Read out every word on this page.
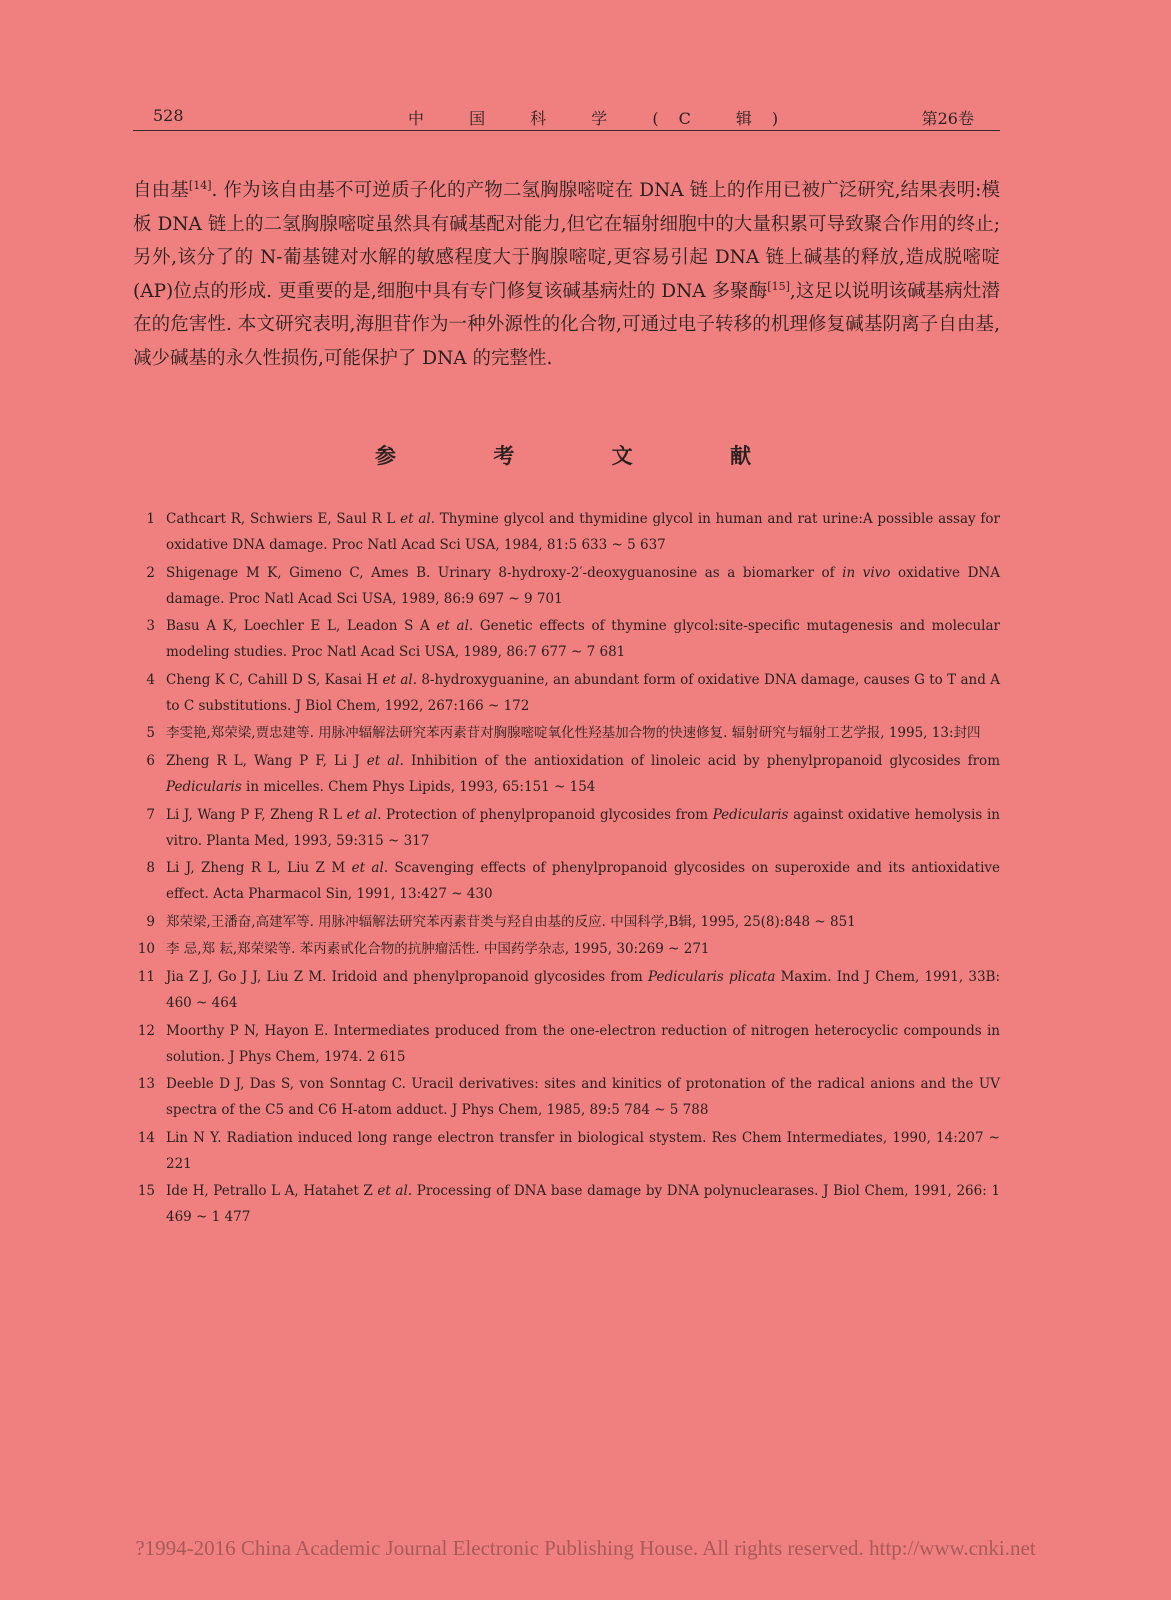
528	中 国 科 学 (C 辑)	第26卷
自由基[14]. 作为该自由基不可逆质子化的产物二氢胸腺嘧啶在 DNA 链上的作用已被广泛研究,结果表明:模板 DNA 链上的二氢胸腺嘧啶虽然具有碱基配对能力,但它在辐射细胞中的大量积累可导致聚合作用的终止;另外,该分了的 N-葡基键对水解的敏感程度大于胸腺嘧啶,更容易引起 DNA 链上碱基的释放,造成脱嘧啶(AP)位点的形成. 更重要的是,细胞中具有专门修复该碱基病灶的 DNA 多聚酶[15],这足以说明该碱基病灶潜在的危害性. 本文研究表明,海胆苷作为一种外源性的化合物,可通过电子转移的机理修复碱基阴离子自由基,减少碱基的永久性损伤,可能保护了 DNA 的完整性.
参 考 文 献
1 Cathcart R, Schwiers E, Saul R L et al. Thymine glycol and thymidine glycol in human and rat urine:A possible assay for oxidative DNA damage. Proc Natl Acad Sci USA, 1984, 81:5 633 ~ 5 637
2 Shigenage M K, Gimeno C, Ames B. Urinary 8-hydroxy-2′-deoxyguanosine as a biomarker of in vivo oxidative DNA damage. Proc Natl Acad Sci USA, 1989, 86:9 697 ~ 9 701
3 Basu A K, Loechler E L, Leadon S A et al. Genetic effects of thymine glycol:site-specific mutagenesis and molecular modeling studies. Proc Natl Acad Sci USA, 1989, 86:7 677 ~ 7 681
4 Cheng K C, Cahill D S, Kasai H et al. 8-hydroxyguanine, an abundant form of oxidative DNA damage, causes G to T and A to C substitutions. J Biol Chem, 1992, 267:166 ~ 172
5 李雯艳,郑荣梁,贾忠建等. 用脉冲辐解法研究苯丙素苷对胸腺嘧啶氧化性羟基加合物的快速修复. 辐射研究与辐射工艺学报, 1995, 13:封四
6 Zheng R L, Wang P F, Li J et al. Inhibition of the antioxidation of linoleic acid by phenylpropanoid glycosides from Pedicularis in micelles. Chem Phys Lipids, 1993, 65:151 ~ 154
7 Li J, Wang P F, Zheng R L et al. Protection of phenylpropanoid glycosides from Pedicularis against oxidative hemolysis in vitro. Planta Med, 1993, 59:315 ~ 317
8 Li J, Zheng R L, Liu Z M et al. Scavenging effects of phenylpropanoid glycosides on superoxide and its antioxidative effect. Acta Pharmacol Sin, 1991, 13:427 ~ 430
9 郑荣梁,王潘奋,高建军等. 用脉冲辐解法研究苯丙素苷类与羟自由基的反应. 中国科学,B辑, 1995, 25(8):848 ~ 851
10 李 忌,郑 耘,郑荣梁等. 苯丙素甙化合物的抗肿瘤活性. 中国药学杂志, 1995, 30:269 ~ 271
11 Jia Z J, Go J J, Liu Z M. Iridoid and phenylpropanoid glycosides from Pedicularis plicata Maxim. Ind J Chem, 1991, 33B: 460 ~ 464
12 Moorthy P N, Hayon E. Intermediates produced from the one-electron reduction of nitrogen heterocyclic compounds in solution. J Phys Chem, 1974. 2 615
13 Deeble D J, Das S, von Sonntag C. Uracil derivatives: sites and kinitics of protonation of the radical anions and the UV spectra of the C5 and C6 H-atom adduct. J Phys Chem, 1985, 89:5 784 ~ 5 788
14 Lin N Y. Radiation induced long range electron transfer in biological stystem. Res Chem Intermediates, 1990, 14:207 ~ 221
15 Ide H, Petrallo L A, Hatahet Z et al. Processing of DNA base damage by DNA polynuclearases. J Biol Chem, 1991, 266: 1 469 ~ 1 477
?1994-2016 China Academic Journal Electronic Publishing House. All rights reserved. http://www.cnki.net
